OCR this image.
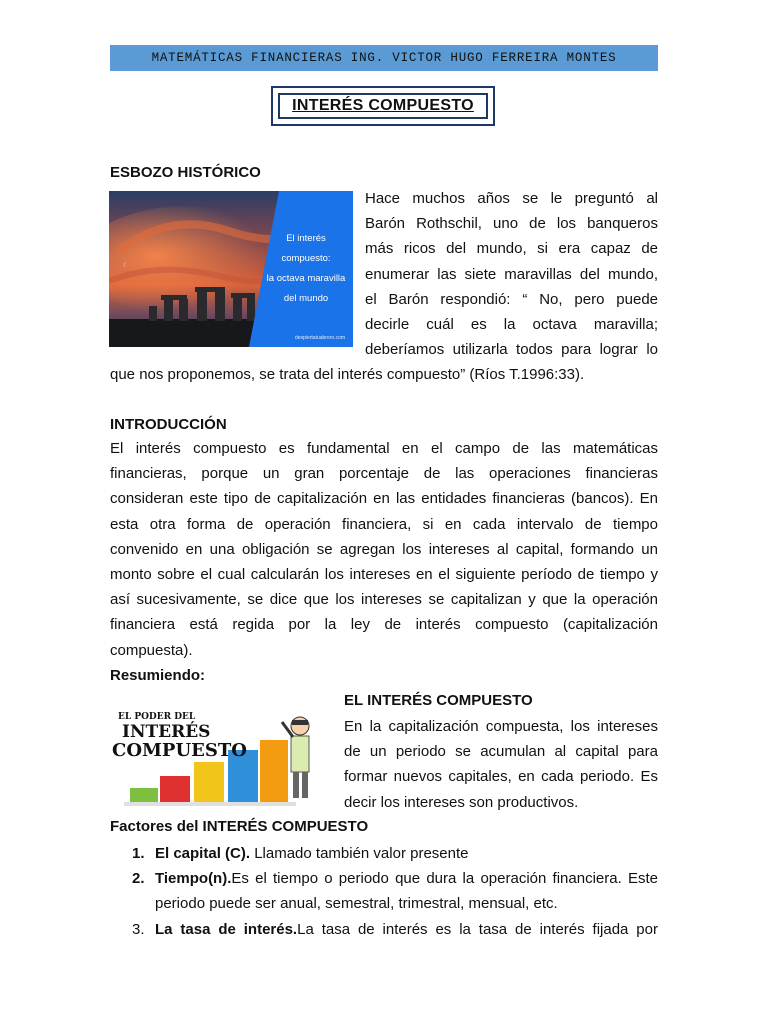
MATEMÁTICAS FINANCIERAS ING. VICTOR HUGO FERREIRA MONTES
INTERÉS COMPUESTO
ESBOZO HISTÓRICO
☾
El interés
compuesto:
la octava maravilla
del mundo
despiertatuabrero.com
Hace muchos años se le preguntó al
Barón Rothschil, uno de los banqueros
más ricos del mundo, si era capaz de
enumerar las siete maravillas del mundo,
el Barón respondió: “ No, pero puede
decirle cuál es la octava maravilla;
deberíamos utilizarla todos para lograr lo
que nos proponemos, se trata del interés compuesto” (Ríos T.1996:33).
INTRODUCCIÓN
El interés compuesto es fundamental en el campo de las matemáticas
financieras, porque un gran porcentaje de las operaciones financieras
consideran este tipo de capitalización en las entidades financieras (bancos). En
esta otra forma de operación financiera, si en cada intervalo de tiempo
convenido en una obligación se agregan los intereses al capital, formando un
monto sobre el cual calcularán los intereses en el siguiente período de tiempo y
así sucesivamente, se dice que los intereses se capitalizan y que la operación
financiera está regida por la ley de interés compuesto (capitalización
compuesta).
Resumiendo:
EL PODER DEL
INTERÉS
COMPUESTO
EL INTERÉS COMPUESTO
En la capitalización compuesta, los intereses
de un periodo se acumulan al capital para
formar nuevos capitales, en cada periodo. Es
decir los intereses son productivos.
Factores del INTERÉS COMPUESTO
1. El capital (C). Llamado también valor presente
2. Tiempo(n).Es el tiempo o periodo que dura la operación financiera. Este
periodo puede ser anual, semestral, trimestral, mensual, etc.
3. La tasa de interés.La tasa de interés es la tasa de interés fijada por
